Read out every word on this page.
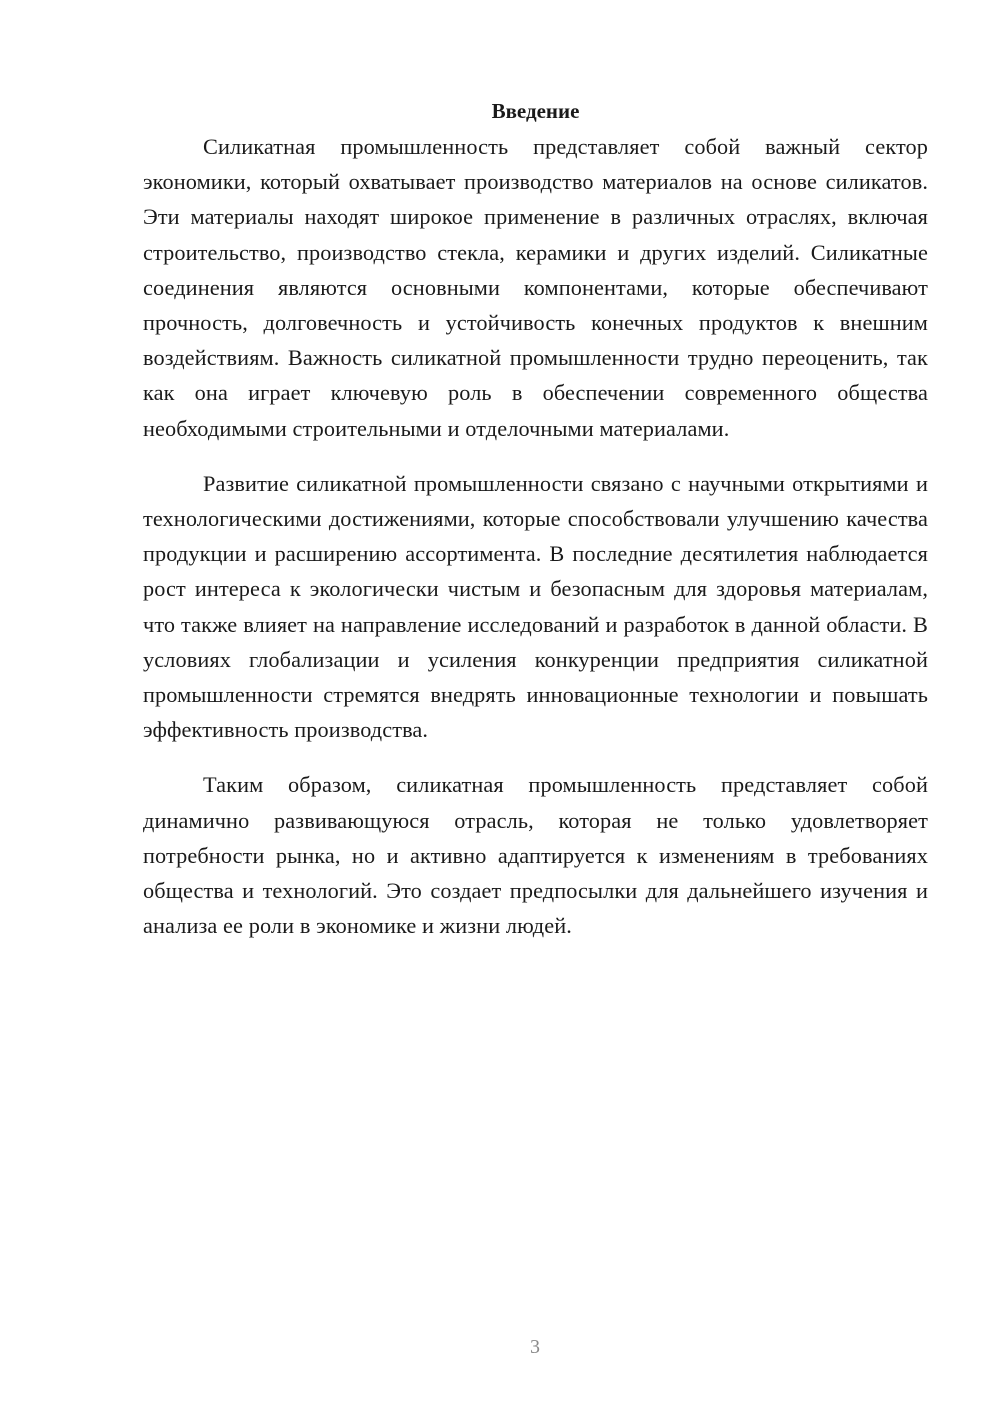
Введение

Силикатная промышленность представляет собой важный сектор экономики, который охватывает производство материалов на основе силикатов. Эти материалы находят широкое применение в различных отраслях, включая строительство, производство стекла, керамики и других изделий. Силикатные соединения являются основными компонентами, которые обеспечивают прочность, долговечность и устойчивость конечных продуктов к внешним воздействиям. Важность силикатной промышленности трудно переоценить, так как она играет ключевую роль в обеспечении современного общества необходимыми строительными и отделочными материалами.

Развитие силикатной промышленности связано с научными открытиями и технологическими достижениями, которые способствовали улучшению качества продукции и расширению ассортимента. В последние десятилетия наблюдается рост интереса к экологически чистым и безопасным для здоровья материалам, что также влияет на направление исследований и разработок в данной области. В условиях глобализации и усиления конкуренции предприятия силикатной промышленности стремятся внедрять инновационные технологии и повышать эффективность производства.

Таким образом, силикатная промышленность представляет собой динамично развивающуюся отрасль, которая не только удовлетворяет потребности рынка, но и активно адаптируется к изменениям в требованиях общества и технологий. Это создает предпосылки для дальнейшего изучения и анализа ее роли в экономике и жизни людей.

3
